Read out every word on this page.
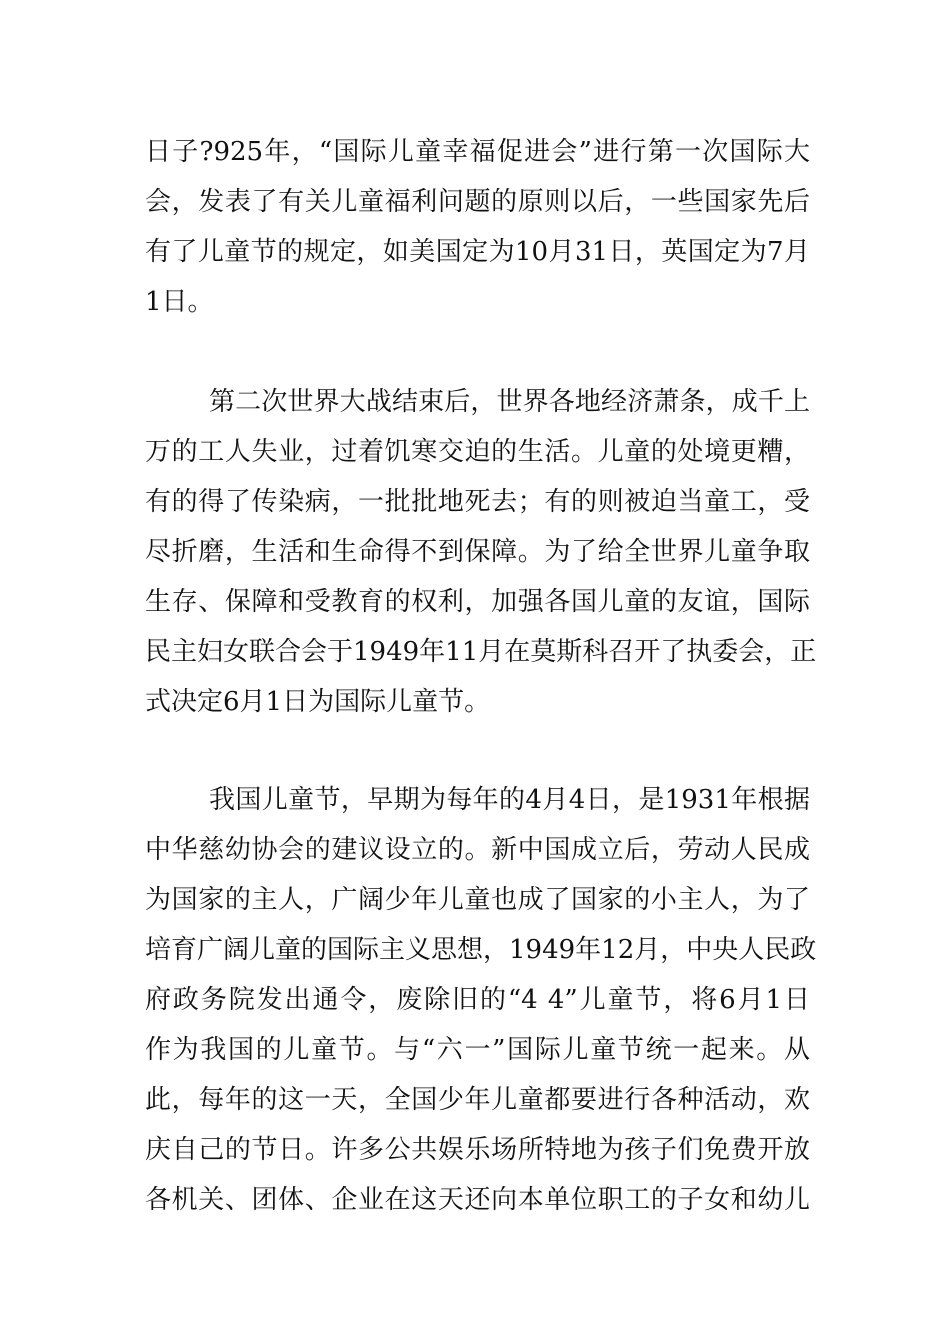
日子?925年，“国际儿童幸福促进会”进行第一次国际大
会，发表了有关儿童福利问题的原则以后，一些国家先后
有了儿童节的规定，如美国定为10月31日，英国定为7月
1日。
第二次世界大战结束后，世界各地经济萧条，成千上
万的工人失业，过着饥寒交迫的生活。儿童的处境更糟，
有的得了传染病，一批批地死去；有的则被迫当童工，受
尽折磨，生活和生命得不到保障。为了给全世界儿童争取
生存、保障和受教育的权利，加强各国儿童的友谊，国际
民主妇女联合会于1949年11月在莫斯科召开了执委会，正
式决定6月1日为国际儿童节。
我国儿童节，早期为每年的4月4日，是1931年根据
中华慈幼协会的建议设立的。新中国成立后，劳动人民成
为国家的主人，广阔少年儿童也成了国家的小主人，为了
培育广阔儿童的国际主义思想，1949年12月，中央人民政
府政务院发出通令，废除旧的“4 4”儿童节，将6月1日
作为我国的儿童节。与“六一”国际儿童节统一起来。从
此，每年的这一天，全国少年儿童都要进行各种活动，欢
庆自己的节日。许多公共娱乐场所特地为孩子们免费开放
各机关、团体、企业在这天还向本单位职工的子女和幼儿
